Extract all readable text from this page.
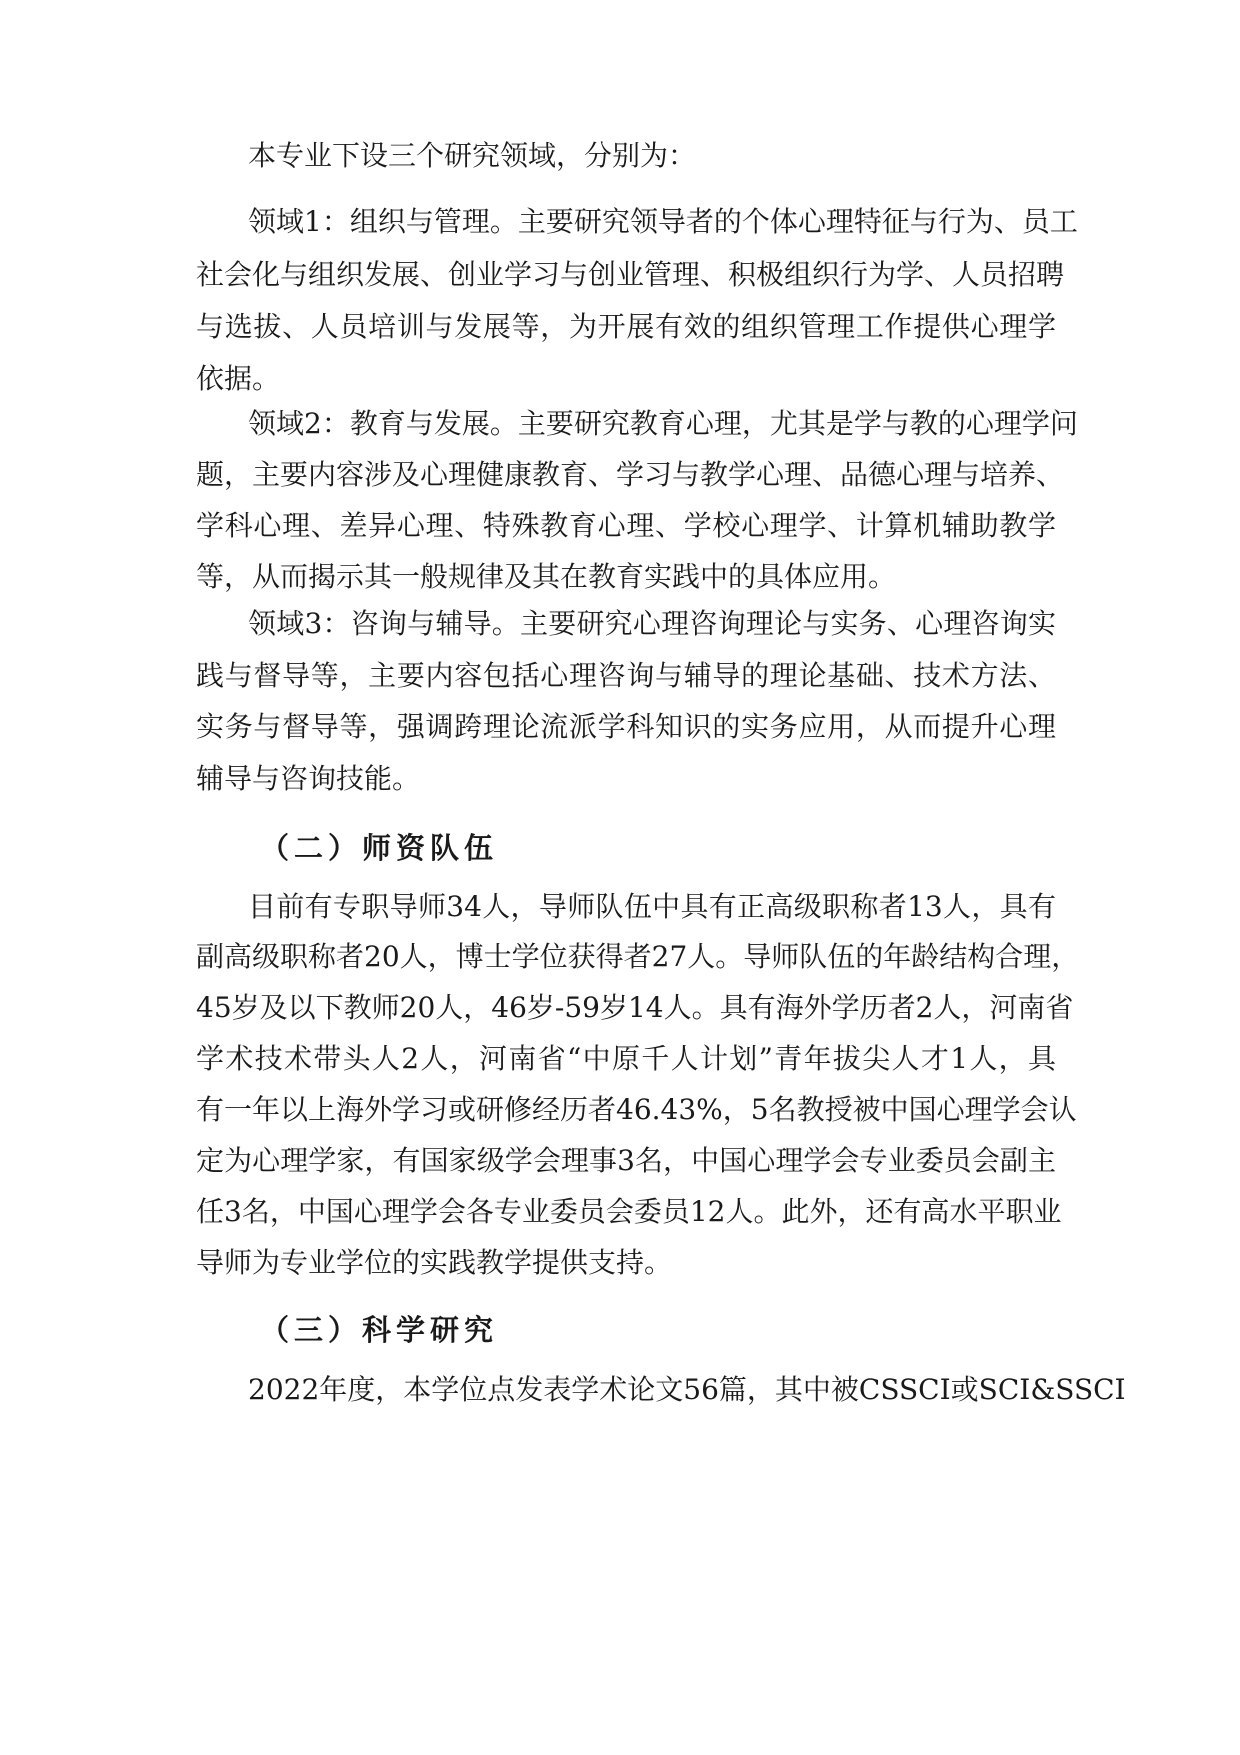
本专业下设三个研究领域，分别为：
领域1：组织与管理。主要研究领导者的个体心理特征与行为、员工
社会化与组织发展、创业学习与创业管理、积极组织行为学、人员招聘
与选拔、人员培训与发展等，为开展有效的组织管理工作提供心理学
依据。
领域2：教育与发展。主要研究教育心理，尤其是学与教的心理学问
题，主要内容涉及心理健康教育、学习与教学心理、品德心理与培养、
学科心理、差异心理、特殊教育心理、学校心理学、计算机辅助教学
等，从而揭示其一般规律及其在教育实践中的具体应用。
领域3：咨询与辅导。主要研究心理咨询理论与实务、心理咨询实
践与督导等，主要内容包括心理咨询与辅导的理论基础、技术方法、
实务与督导等，强调跨理论流派学科知识的实务应用，从而提升心理
辅导与咨询技能。
（二）师资队伍
目前有专职导师34人，导师队伍中具有正高级职称者13人，具有
副高级职称者20人，博士学位获得者27人。导师队伍的年龄结构合理，
45岁及以下教师20人，46岁-59岁14人。具有海外学历者2人，河南省
学术技术带头人2人，河南省“中原千人计划”青年拔尖人才1人，具
有一年以上海外学习或研修经历者46.43%，5名教授被中国心理学会认
定为心理学家，有国家级学会理事3名，中国心理学会专业委员会副主
任3名，中国心理学会各专业委员会委员12人。此外，还有高水平职业
导师为专业学位的实践教学提供支持。
（三）科学研究
2022年度，本学位点发表学术论文56篇，其中被CSSCI或SCI&SSCI
